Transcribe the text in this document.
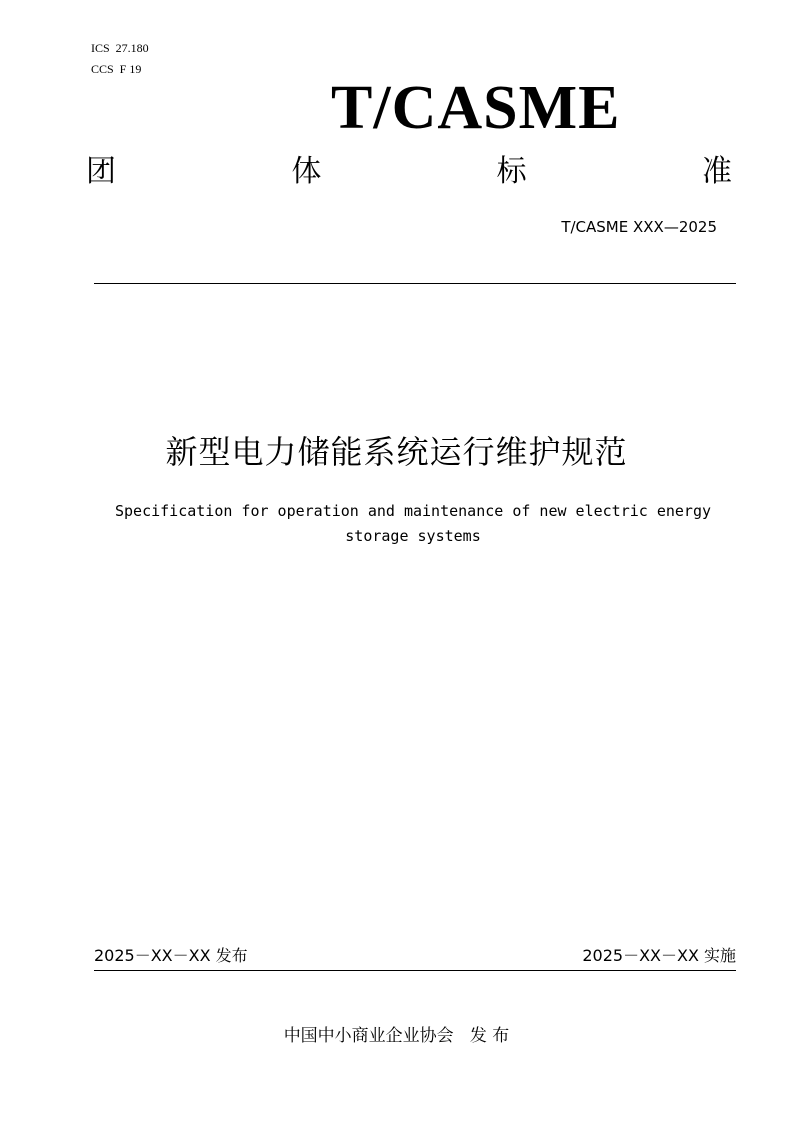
ICS  27.180
CCS  F 19
T/CASME
团	体	标	准
T/CASME XXX—2025
新型电力储能系统运行维护规范
Specification for operation and maintenance of new electric energy storage systems
2025－XX－XX 发布	2025－XX－XX 实施
中国中小商业企业协会   发 布
